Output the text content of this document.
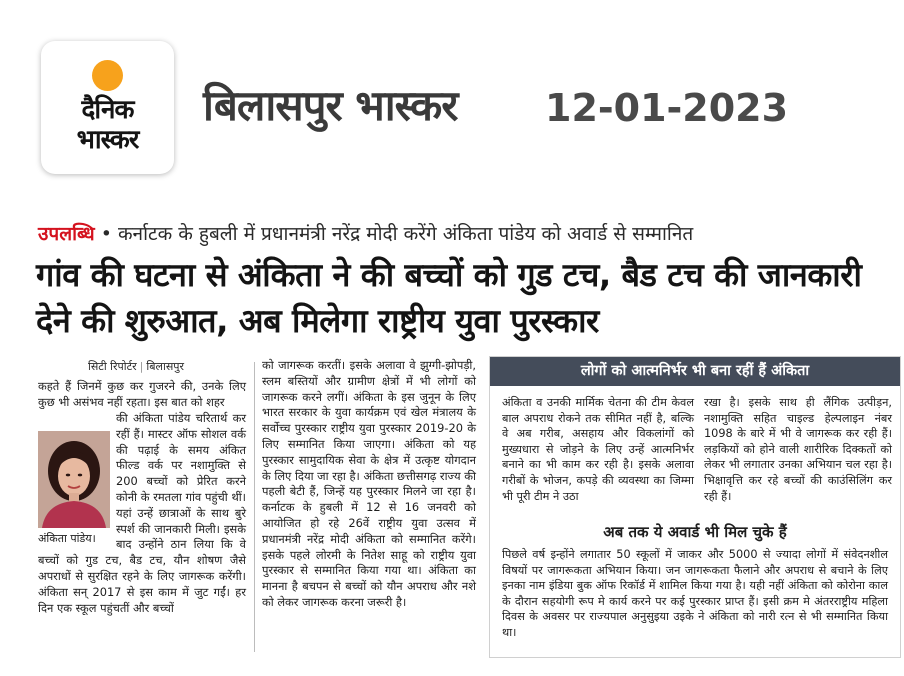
दैनिक
भास्कर
बिलासपुर भास्कर 12-01-2023
उपलब्धि • कर्नाटक के हुबली में प्रधानमंत्री नरेंद्र मोदी करेंगे अंकिता पांडेय को अवार्ड से सम्मानित
गांव की घटना से अंकिता ने की बच्चों को गुड टच, बैड टच की जानकारी देने की शुरुआत, अब मिलेगा राष्ट्रीय युवा पुरस्कार
सिटी रिपोर्टर | बिलासपुर

कहते हैं जिनमें कुछ कर गुजरने की, उनके लिए कुछ भी असंभव नहीं रहता। इस बात को शहर

की अंकिता पांडेय चरितार्थ कर रहीं हैं। मास्टर ऑफ सोशल वर्क की पढ़ाई के समय अंकित फील्ड वर्क पर नशामुक्ति से 200 बच्चों को प्रेरित करने कोनी के रमतला गांव पहुंची थीं। यहां उन्हें छात्राओं के साथ बुरे स्पर्श की जानकारी मिली। इसके बाद उन्होंने ठान लिया कि वे बच्चों को गुड टच, बैड टच, यौन शोषण जैसे अपराधों से सुरक्षित रहने के लिए जागरूक करेंगी। अंकिता सन् 2017 से इस काम में जुट गईं। हर दिन एक स्कूल पहुंचतीं और बच्चों

अंकिता पांडेय।

को जागरूक करतीं। इसके अलावा वे झुग्गी-झोपड़ी, स्लम बस्तियों और ग्रामीण क्षेत्रों में भी लोगों को जागरूक करने लगीं। अंकिता के इस जुनून के लिए भारत सरकार के युवा कार्यक्रम एवं खेल मंत्रालय के सर्वोच्च पुरस्कार राष्ट्रीय युवा पुरस्कार 2019-20 के लिए सम्मानित किया जाएगा। अंकिता को यह पुरस्कार सामुदायिक सेवा के क्षेत्र में उत्कृष्ट योगदान के लिए दिया जा रहा है। अंकिता छत्तीसगढ़ राज्य की पहली बेटी हैं, जिन्हें यह पुरस्कार मिलने जा रहा है। कर्नाटक के हुबली में 12 से 16 जनवरी को आयोजित हो रहे 26वें राष्ट्रीय युवा उत्सव में प्रधानमंत्री नरेंद्र मोदी अंकिता को सम्मानित करेंगे। इसके पहले लोरमी के नितेश साहू को राष्ट्रीय युवा पुरस्कार से सम्मानित किया गया था। अंकिता का मानना है बचपन से बच्चों को यौन अपराध और नशे को लेकर जागरूक करना जरूरी है।

लोगों को आत्मनिर्भर भी बना रहीं हैं अंकिता

अंकिता व उनकी मार्मिक चेतना की टीम केवल बाल अपराध रोकने तक सीमित नहीं है, बल्कि वे अब गरीब, असहाय और विकलांगों को मुख्यधारा से जोड़ने के लिए उन्हें आत्मनिर्भर बनाने का भी काम कर रही है। इसके अलावा गरीबों के भोजन, कपड़े की व्यवस्था का जिम्मा भी पूरी टीम ने उठा

रखा है। इसके साथ ही लैंगिक उत्पीड़न, नशामुक्ति सहित चाइल्ड हेल्पलाइन नंबर 1098 के बारे में भी वे जागरूक कर रही हैं। लड़कियों को होने वाली शारीरिक दिक्कतों को लेकर भी लगातार उनका अभियान चल रहा है। भिक्षावृत्ति कर रहे बच्चों की काउंसिलिंग कर रही हैं।

अब तक ये अवार्ड भी मिल चुके हैं

पिछले वर्ष इन्होंने लगातार 50 स्कूलों में जाकर और 5000 से ज्यादा लोगों में संवेदनशील विषयों पर जागरूकता अभियान किया। जन जागरूकता फैलाने और अपराध से बचाने के लिए इनका नाम इंडिया बुक ऑफ रिकॉर्ड में शामिल किया गया है। यही नहीं अंकिता को कोरोना काल के दौरान सहयोगी रूप मे कार्य करने पर कई पुरस्कार प्राप्त हैं। इसी क्रम मे अंतरराष्ट्रीय महिला दिवस के अवसर पर राज्यपाल अनुसुइया उइके ने अंकिता को नारी रत्न से भी सम्मानित किया था।
